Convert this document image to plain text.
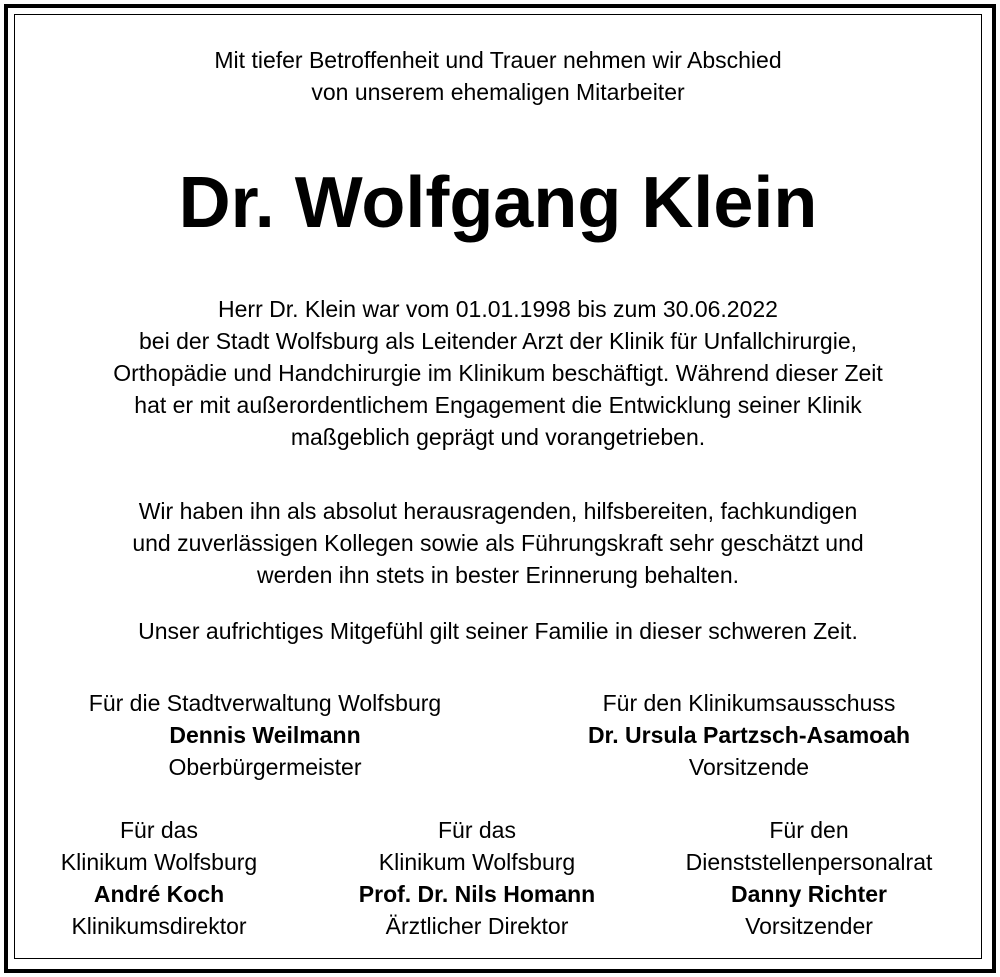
Mit tiefer Betroffenheit und Trauer nehmen wir Abschied
von unserem ehemaligen Mitarbeiter
Dr. Wolfgang Klein
Herr Dr. Klein war vom 01.01.1998 bis zum 30.06.2022
bei der Stadt Wolfsburg als Leitender Arzt der Klinik für Unfallchirurgie,
Orthopädie und Handchirurgie im Klinikum beschäftigt. Während dieser Zeit
hat er mit außerordentlichem Engagement die Entwicklung seiner Klinik
maßgeblich geprägt und vorangetrieben.
Wir haben ihn als absolut herausragenden, hilfsbereiten, fachkundigen
und zuverlässigen Kollegen sowie als Führungskraft sehr geschätzt und
werden ihn stets in bester Erinnerung behalten.
Unser aufrichtiges Mitgefühl gilt seiner Familie in dieser schweren Zeit.
Für die Stadtverwaltung Wolfsburg
Dennis Weilmann
Oberbürgermeister
Für den Klinikumsausschuss
Dr. Ursula Partzsch-Asamoah
Vorsitzende
Für das
Klinikum Wolfsburg
André Koch
Klinikumsdirektor
Für das
Klinikum Wolfsburg
Prof. Dr. Nils Homann
Ärztlicher Direktor
Für den
Dienststellenpersonalrat
Danny Richter
Vorsitzender
